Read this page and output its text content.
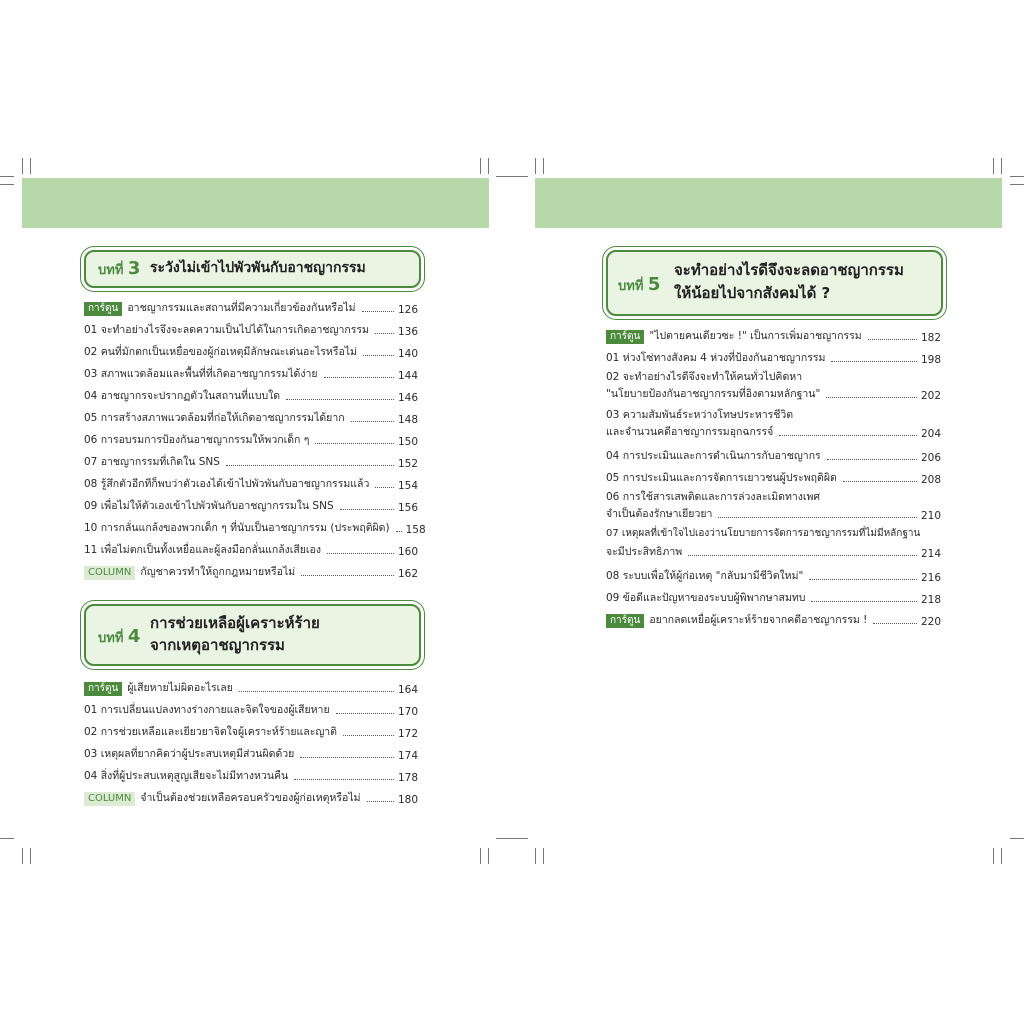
บทที่ 3 ระวังไม่เข้าไปพัวพันกับอาชญากรรม
การ์ตูน อาชญากรรมและสถานที่มีความเกี่ยวข้องกันหรือไม่	126
01 จะทำอย่างไรจึงจะลดความเป็นไปได้ในการเกิดอาชญากรรม	136
02 คนที่มักตกเป็นเหยื่อของผู้ก่อเหตุมีลักษณะเด่นอะไรหรือไม่	140
03 สภาพแวดล้อมและพื้นที่ที่เกิดอาชญากรรมได้ง่าย	144
04 อาชญากรจะปรากฏตัวในสถานที่แบบใด	146
05 การสร้างสภาพแวดล้อมที่ก่อให้เกิดอาชญากรรมได้ยาก	148
06 การอบรมการป้องกันอาชญากรรมให้พวกเด็ก ๆ	150
07 อาชญากรรมที่เกิดใน SNS	152
08 รู้สึกตัวอีกทีก็พบว่าตัวเองได้เข้าไปพัวพันกับอาชญากรรมแล้ว	154
09 เพื่อไม่ให้ตัวเองเข้าไปพัวพันกับอาชญากรรมใน SNS	156
10 การกลั่นแกล้งของพวกเด็ก ๆ ที่นับเป็นอาชญากรรม (ประพฤติผิด) 158
11 เพื่อไม่ตกเป็นทั้งเหยื่อและผู้ลงมือกลั่นแกล้งเสียเอง	160
COLUMN กัญชาควรทำให้ถูกกฎหมายหรือไม่	162
บทที่ 4
การช่วยเหลือผู้เคราะห์ร้าย
จากเหตุอาชญากรรม
การ์ตูน ผู้เสียหายไม่ผิดอะไรเลย	164
01 การเปลี่ยนแปลงทางร่างกายและจิตใจของผู้เสียหาย	170
02 การช่วยเหลือและเยียวยาจิตใจผู้เคราะห์ร้ายและญาติ	172
03 เหตุผลที่ยากคิดว่าผู้ประสบเหตุมีส่วนผิดด้วย	174
04 สิ่งที่ผู้ประสบเหตุสูญเสียจะไม่มีทางหวนคืน	178
COLUMN จำเป็นต้องช่วยเหลือครอบครัวของผู้ก่อเหตุหรือไม่	180
บทที่ 5
จะทำอย่างไรดีจึงจะลดอาชญากรรม
ให้น้อยไปจากสังคมได้ ?
การ์ตูน "ไปตายคนเดียวซะ !" เป็นการเพิ่มอาชญากรรม	182
01 ห่วงโซ่ทางสังคม 4 ห่วงที่ป้องกันอาชญากรรม	198
02 จะทำอย่างไรดีจึงจะทำให้คนทั่วไปคิดหา
"นโยบายป้องกันอาชญากรรมที่อิงตามหลักฐาน"	202
03 ความสัมพันธ์ระหว่างโทษประหารชีวิต
และจำนวนคดีอาชญากรรมอุกฉกรรจ์	204
04 การประเมินและการดำเนินการกับอาชญากร	206
05 การประเมินและการจัดการเยาวชนผู้ประพฤติผิด	208
06 การใช้สารเสพติดและการล่วงละเมิดทางเพศ
จำเป็นต้องรักษาเยียวยา	210
07 เหตุผลที่เข้าใจไปเองว่านโยบายการจัดการอาชญากรรมที่ไม่มีหลักฐาน
จะมีประสิทธิภาพ	214
08 ระบบเพื่อให้ผู้ก่อเหตุ "กลับมามีชีวิตใหม่"	216
09 ข้อดีและปัญหาของระบบผู้พิพากษาสมทบ	218
การ์ตูน อยากลดเหยื่อผู้เคราะห์ร้ายจากคดีอาชญากรรม !	220
